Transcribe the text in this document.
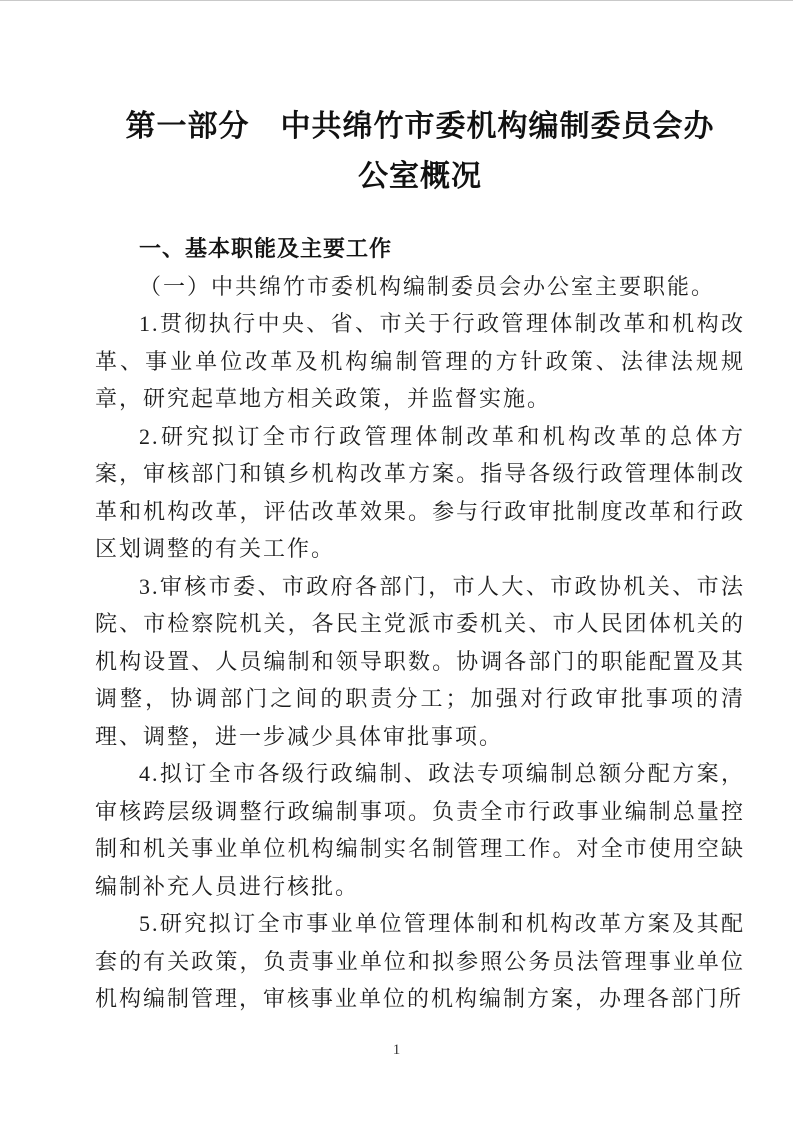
第一部分　中共绵竹市委机构编制委员会办
公室概况
一、基本职能及主要工作

（一）中共绵竹市委机构编制委员会办公室主要职能。

1.贯彻执行中央、省、市关于行政管理体制改革和机构改革、事业单位改革及机构编制管理的方针政策、法律法规规章，研究起草地方相关政策，并监督实施。

2.研究拟订全市行政管理体制改革和机构改革的总体方案，审核部门和镇乡机构改革方案。指导各级行政管理体制改革和机构改革，评估改革效果。参与行政审批制度改革和行政区划调整的有关工作。

3.审核市委、市政府各部门，市人大、市政协机关、市法院、市检察院机关，各民主党派市委机关、市人民团体机关的机构设置、人员编制和领导职数。协调各部门的职能配置及其调整，协调部门之间的职责分工；加强对行政审批事项的清理、调整，进一步减少具体审批事项。

4.拟订全市各级行政编制、政法专项编制总额分配方案，审核跨层级调整行政编制事项。负责全市行政事业编制总量控制和机关事业单位机构编制实名制管理工作。对全市使用空缺编制补充人员进行核批。

5.研究拟订全市事业单位管理体制和机构改革方案及其配套的有关政策，负责事业单位和拟参照公务员法管理事业单位机构编制管理，审核事业单位的机构编制方案，办理各部门所

1
